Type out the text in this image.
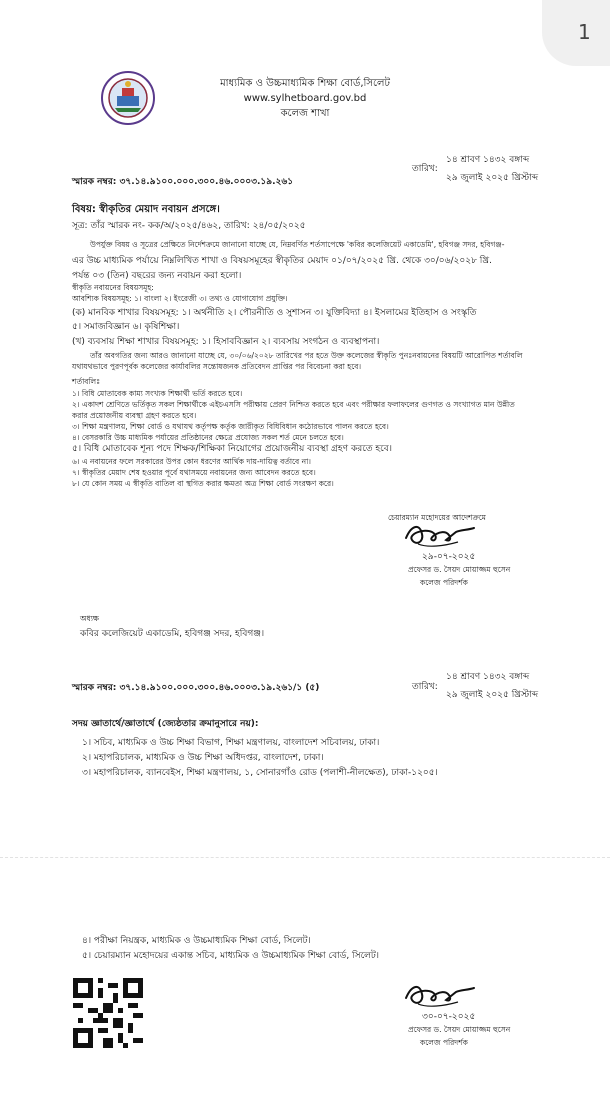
1
মাধ্যমিক ও উচ্চমাধ্যমিক শিক্ষা বোর্ড,সিলেট
www.sylhetboard.gov.bd
কলেজ শাখা
তারিখ:
১৪ শ্রাবণ ১৪৩২ বঙ্গাব্দ
২৯ জুলাই ২০২৫ খ্রিস্টাব্দ
স্মারক নম্বর: ৩৭.১৪.৯১০০.০০০.৩০০.৪৬.০০০৩.১৯.২৬১
বিষয়: স্বীকৃতির মেয়াদ নবায়ন প্রসঙ্গে।
সূত্র: তাঁর স্মারক নং- কক/অ/২০২৫/৪৬২, তারিখ: ২৪/০৫/২০২৫
উপর্যুক্ত বিষয় ও সূত্রের প্রেক্ষিতে নির্দেশক্রমে জানানো যাচ্ছে যে, নিম্নবর্ণিত শর্তসাপেক্ষে 'কবির কলেজিয়েট একাডেমি', হবিগঞ্জ সদর, হবিগঞ্জ-
এর উচ্চ মাধ্যমিক পর্যায়ে নিম্নলিখিত শাখা ও বিষয়সমূহের স্বীকৃতির মেয়াদ ০১/০৭/২০২৫ খ্রি. থেকে ৩০/০৬/২০২৮ খ্রি.
পর্যন্ত ০৩ (তিন) বছরের জন্য নবায়ন করা হলো।
স্বীকৃতি নবায়নের বিষয়সমূহ:
আবশ্যিক বিষয়সমূহ: ১। বাংলা ২। ইংরেজী ৩। তথ্য ও যোগাযোগ প্রযুক্তি।
(ক) মানবিক শাখার বিষয়সমূহ: ১। অর্থনীতি ২। পৌরনীতি ও সুশাসন ৩। যুক্তিবিদ্যা ৪। ইসলামের ইতিহাস ও সংস্কৃতি
৫। সমাজবিজ্ঞান ৬। কৃষিশিক্ষা।
(খ) ব্যবসায় শিক্ষা শাখার বিষয়সমূহ: ১। হিসাববিজ্ঞান ২। ব্যবসায় সংগঠন ও ব্যবস্থাপনা।
তাঁর অবগতির জন্য আরও জানানো যাচ্ছে যে, ৩০/০৬/২০২৮ তারিখের পর হতে উক্ত কলেজের স্বীকৃতি পুনঃনবায়নের বিষয়টি আরোপিত শর্তাবলি
যথাযথভাবে পুরণপূর্বক কলেজের কার্যাবলির সন্তোষজনক প্রতিবেদন প্রাপ্তির পর বিবেচনা করা হবে।
শর্তাবলিঃ
১। বিধি মোতাবেক কাম্য সংখ্যক শিক্ষার্থী ভর্তি করতে হবে।
২। একাদশ শ্রেণিতে ভর্তিকৃত সকল শিক্ষার্থীকে এইচএসসি পরীক্ষায় প্রেরণ নিশ্চিত করতে হবে এবং পরীক্ষার ফলাফলের গুণগত ও সংখ্যাগত মান উন্নীত
করার প্রয়োজনীয় ব্যবস্থা গ্রহণ করতে হবে।
৩। শিক্ষা মন্ত্রণালয়, শিক্ষা বোর্ড ও যথাযথ কর্তৃপক্ষ কর্তৃক জারীকৃত বিধিবিধান কঠোরভাবে পালন করতে হবে।
৪। বেসরকারি উচ্চ মাধ্যমিক পর্যায়ের প্রতিষ্ঠানের ক্ষেত্রে প্রযোজ্য সকল শর্ত মেনে চলতে হবে।
৫। বিধি মোতাবেক শূন্য পদে শিক্ষক/শিক্ষিকা নিয়োগের প্রয়োজনীয় ব্যবস্থা গ্রহণ করতে হবে।
৬। এ নবায়নের ফলে সরকারের উপর কোন ধরণের আর্থিক দায়-দায়িত্ব বর্তাবে না।
৭। স্বীকৃতির মেয়াদ শেষ হওয়ার পূর্বে যথাসময়ে নবায়নের জন্য আবেদন করতে হবে।
৮। যে কোন সময় এ স্বীকৃতি বাতিল বা স্থগিত করার ক্ষমতা অত্র শিক্ষা বোর্ড সংরক্ষণ করে।
চেয়ারম্যান মহোদয়ের আদেশক্রমে
২৯-০৭-২০২৫
প্রফেসর ড. সৈয়দ মোয়াজ্জম হুসেন
কলেজ পরিদর্শক
অধ্যক্ষ
কবির কলেজিয়েট একাডেমি, হবিগঞ্জ সদর, হবিগঞ্জ।
তারিখ:
১৪ শ্রাবণ ১৪৩২ বঙ্গাব্দ
২৯ জুলাই ২০২৫ খ্রিস্টাব্দ
স্মারক নম্বর: ৩৭.১৪.৯১০০.০০০.৩০০.৪৬.০০০৩.১৯.২৬১/১ (৫)
সদয় জ্ঞাতার্থে/জ্ঞাতার্থে (জ্যেষ্ঠতার ক্রমানুসারে নয়):
১। সচিব, মাধ্যমিক ও উচ্চ শিক্ষা বিভাগ, শিক্ষা মন্ত্রণালয়, বাংলাদেশ সচিবালয়, ঢাকা।
২। মহাপরিচালক, মাধ্যমিক ও উচ্চ শিক্ষা অধিদপ্তর, বাংলাদেশ, ঢাকা।
৩। মহাপরিচালক, ব্যানবেইস, শিক্ষা মন্ত্রণালয়, ১, সোনারগাঁও রোড (পলাশী-নীলক্ষেত), ঢাকা-১২০৫।
৪। পরীক্ষা নিয়ন্ত্রক, মাধ্যমিক ও উচ্চমাধ্যমিক শিক্ষা বোর্ড, সিলেট।
৫। চেয়ারম্যান মহোদয়ের একান্ত সচিব, মাধ্যমিক ও উচ্চমাধ্যমিক শিক্ষা বোর্ড, সিলেট।
৩০-০৭-২০২৫
প্রফেসর ড. সৈয়দ মোয়াজ্জম হুসেন
কলেজ পরিদর্শক
